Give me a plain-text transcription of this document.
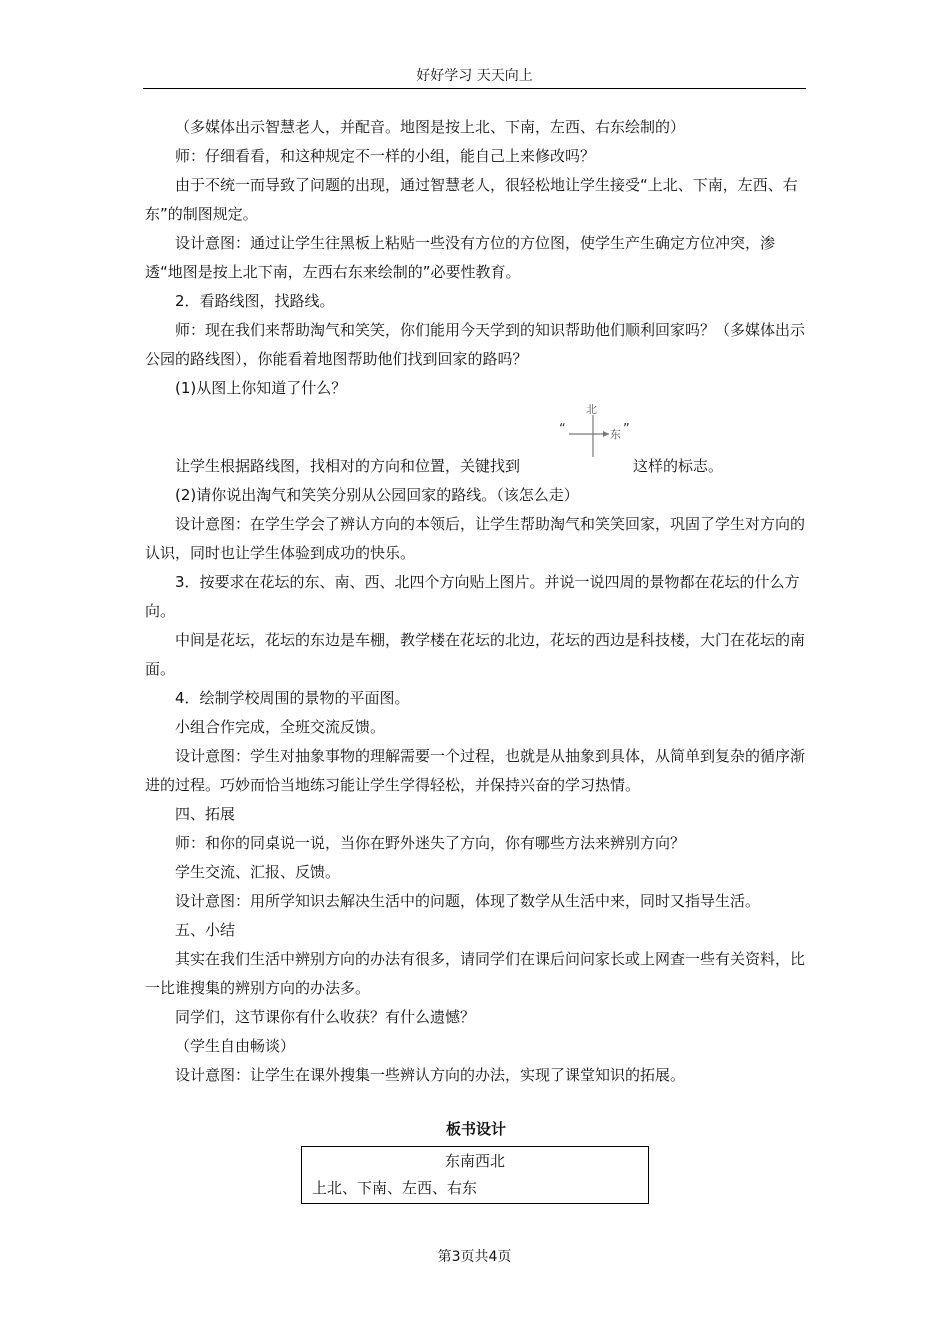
好好学习 天天向上

（多媒体出示智慧老人，并配音。地图是按上北、下南，左西、右东绘制的）

师：仔细看看，和这种规定不一样的小组，能自己上来修改吗？

由于不统一而导致了问题的出现，通过智慧老人，很轻松地让学生接受“上北、下南，左西、右东”的制图规定。

设计意图：通过让学生往黑板上粘贴一些没有方位的方位图，使学生产生确定方位冲突，渗透“地图是按上北下南，左西右东来绘制的”必要性教育。

2．看路线图，找路线。

师：现在我们来帮助淘气和笑笑，你们能用今天学到的知识帮助他们顺利回家吗？（多媒体出示公园的路线图），你能看着地图帮助他们找到回家的路吗？

(1)从图上你知道了什么？

让学生根据路线图，找相对的方向和位置，关键找到
北
东
“	”
这样的标志。

(2)请你说出淘气和笑笑分别从公园回家的路线。（该怎么走）

设计意图：在学生学会了辨认方向的本领后，让学生帮助淘气和笑笑回家，巩固了学生对方向的认识，同时也让学生体验到成功的快乐。

3．按要求在花坛的东、南、西、北四个方向贴上图片。并说一说四周的景物都在花坛的什么方向。

中间是花坛，花坛的东边是车棚，教学楼在花坛的北边，花坛的西边是科技楼，大门在花坛的南面。

4．绘制学校周围的景物的平面图。

小组合作完成，全班交流反馈。

设计意图：学生对抽象事物的理解需要一个过程，也就是从抽象到具体，从简单到复杂的循序渐进的过程。巧妙而恰当地练习能让学生学得轻松，并保持兴奋的学习热情。

四、拓展

师：和你的同桌说一说，当你在野外迷失了方向，你有哪些方法来辨别方向？

学生交流、汇报、反馈。

设计意图：用所学知识去解决生活中的问题，体现了数学从生活中来，同时又指导生活。

五、小结

其实在我们生活中辨别方向的办法有很多，请同学们在课后问问家长或上网查一些有关资料，比一比谁搜集的辨别方向的办法多。

同学们，这节课你有什么收获？有什么遗憾？

（学生自由畅谈）

设计意图：让学生在课外搜集一些辨认方向的办法，实现了课堂知识的拓展。

板书设计
东南西北
上北、下南、左西、右东
第3页共4页
